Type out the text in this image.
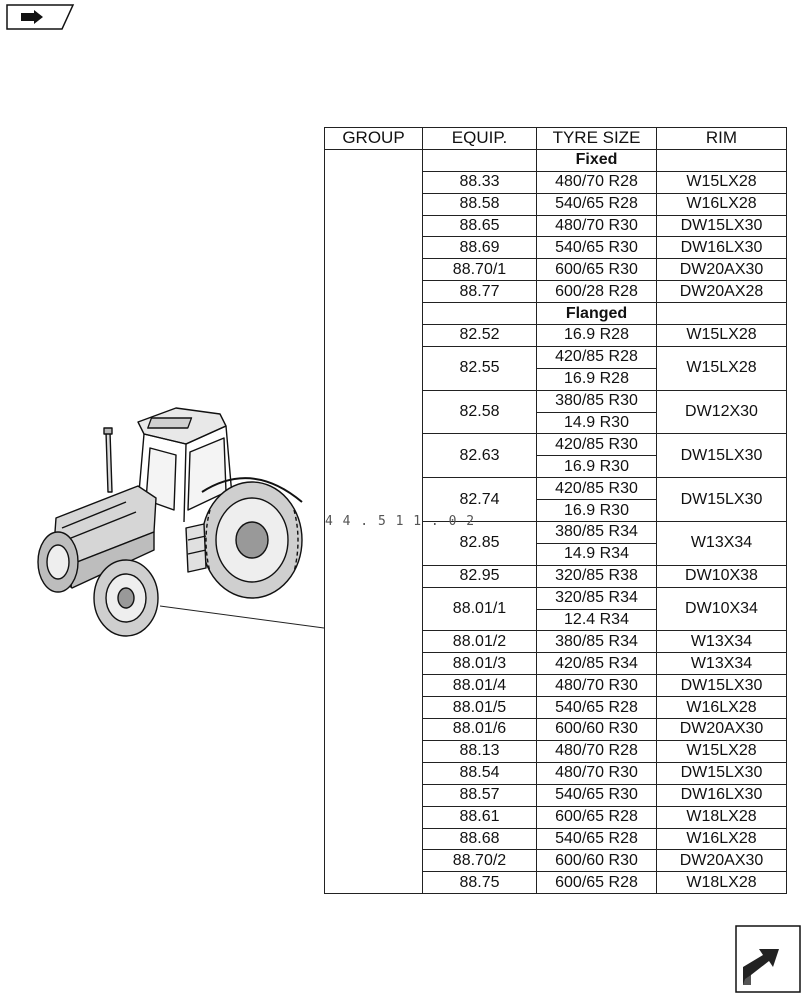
GROUP	EQUIP.	TYRE SIZE	RIM
4 4 . 5 1 1 . 0 2		Fixed	
	88.33	480/70 R28	W15LX28
	88.58	540/65 R28	W16LX28
	88.65	480/70 R30	DW15LX30
	88.69	540/65 R30	DW16LX30
	88.70/1	600/65 R30	DW20AX30
	88.77	600/28 R28	DW20AX28
		Flanged	
	82.52	16.9 R28	W15LX28
	82.55	420/85 R28	W15LX28
		16.9 R28	
	82.58	380/85 R30	DW12X30
		14.9 R30	
	82.63	420/85 R30	DW15LX30
		16.9 R30	
	82.74	420/85 R30	DW15LX30
		16.9 R30	
	82.85	380/85 R34	W13X34
		14.9 R34	
	82.95	320/85 R38	DW10X38
	88.01/1	320/85 R34	DW10X34
		12.4 R34	
	88.01/2	380/85 R34	W13X34
	88.01/3	420/85 R34	W13X34
	88.01/4	480/70 R30	DW15LX30
	88.01/5	540/65 R28	W16LX28
	88.01/6	600/60 R30	DW20AX30
	88.13	480/70 R28	W15LX28
	88.54	480/70 R30	DW15LX30
	88.57	540/65 R30	DW16LX30
	88.61	600/65 R28	W18LX28
	88.68	540/65 R28	W16LX28
	88.70/2	600/60 R30	DW20AX30
	88.75	600/65 R28	W18LX28
